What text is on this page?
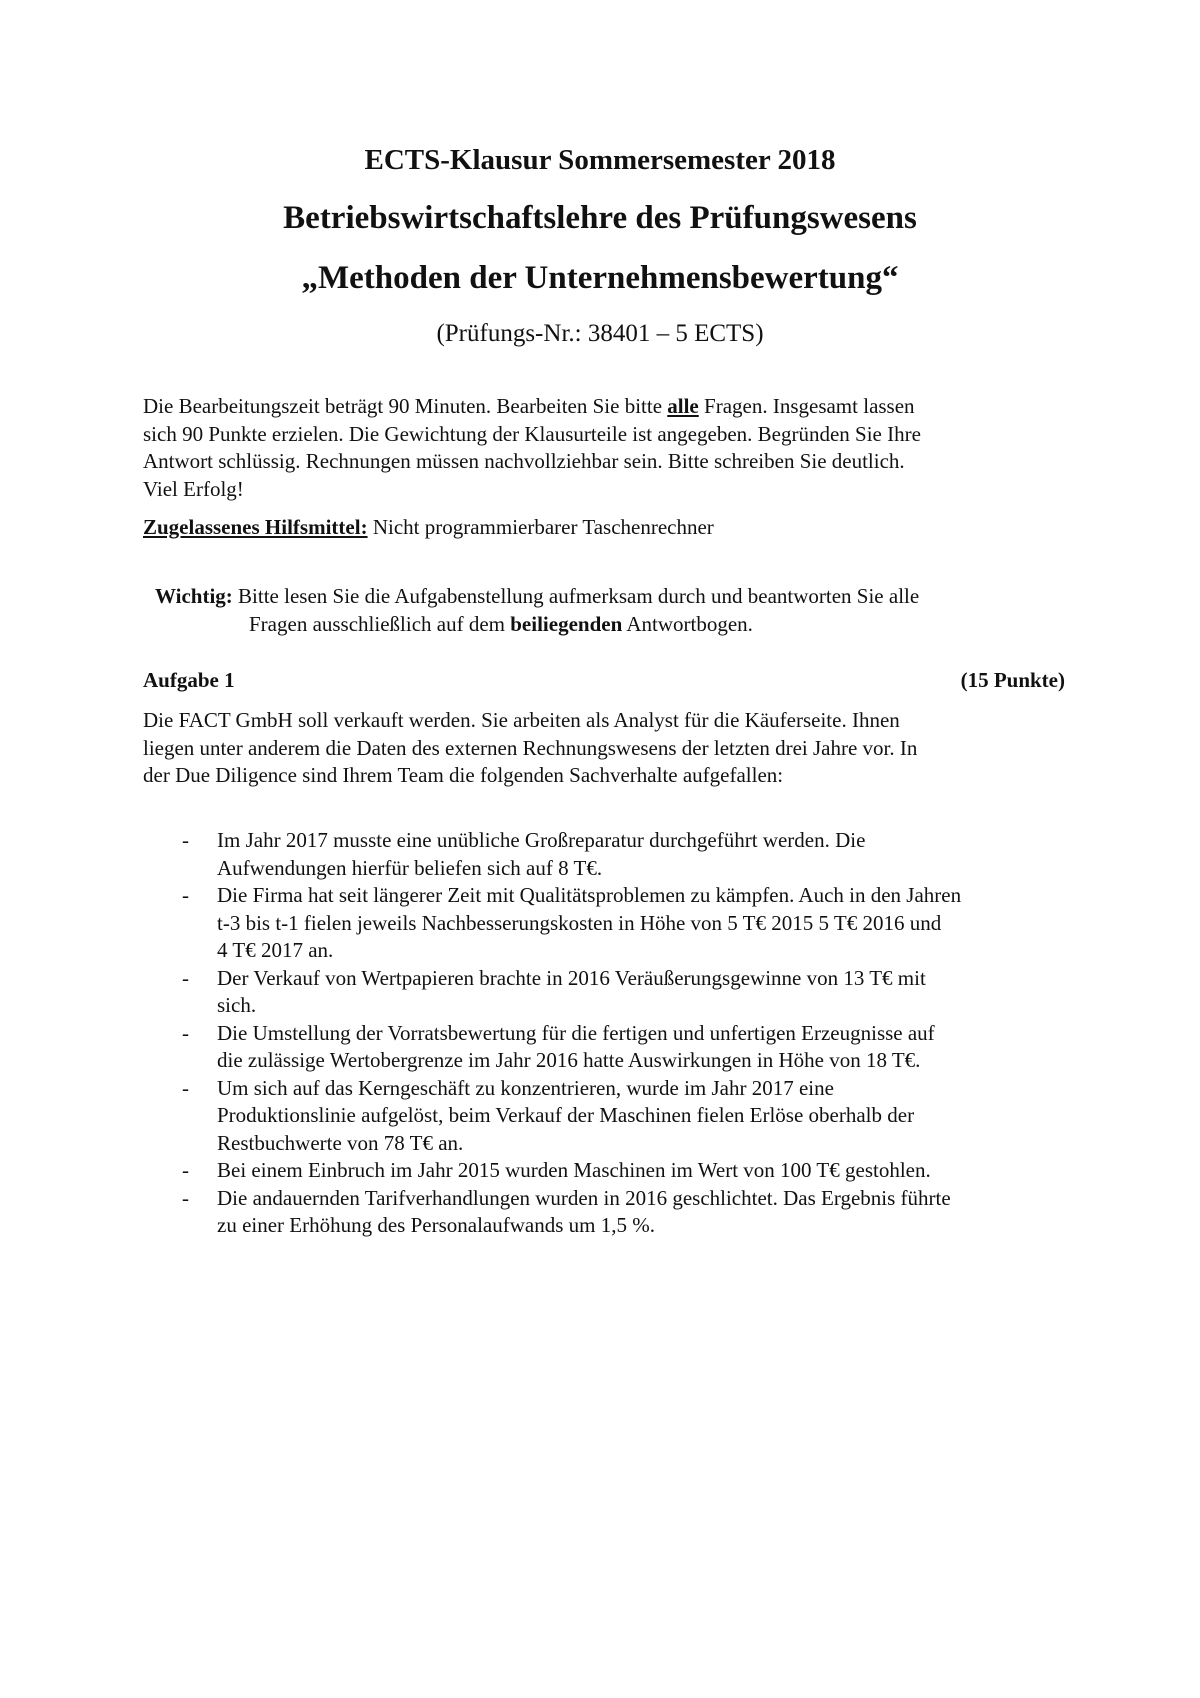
ECTS-Klausur Sommersemester 2018
Betriebswirtschaftslehre des Prüfungswesens
„Methoden der Unternehmensbewertung“
(Prüfungs-Nr.: 38401 – 5 ECTS)
Die Bearbeitungszeit beträgt 90 Minuten. Bearbeiten Sie bitte alle Fragen. Insgesamt lassen
sich 90 Punkte erzielen. Die Gewichtung der Klausurteile ist angegeben. Begründen Sie Ihre
Antwort schlüssig. Rechnungen müssen nachvollziehbar sein. Bitte schreiben Sie deutlich.
Viel Erfolg!
Zugelassenes Hilfsmittel: Nicht programmierbarer Taschenrechner
Wichtig: Bitte lesen Sie die Aufgabenstellung aufmerksam durch und beantworten Sie alle
Fragen ausschließlich auf dem beiliegenden Antwortbogen.
Aufgabe 1	(15 Punkte)
Die FACT GmbH soll verkauft werden. Sie arbeiten als Analyst für die Käuferseite. Ihnen
liegen unter anderem die Daten des externen Rechnungswesens der letzten drei Jahre vor. In
der Due Diligence sind Ihrem Team die folgenden Sachverhalte aufgefallen:
- Im Jahr 2017 musste eine unübliche Großreparatur durchgeführt werden. Die
Aufwendungen hierfür beliefen sich auf 8 T€.
- Die Firma hat seit längerer Zeit mit Qualitätsproblemen zu kämpfen. Auch in den Jahren
t-3 bis t-1 fielen jeweils Nachbesserungskosten in Höhe von 5 T€ 2015 5 T€ 2016 und
4 T€ 2017 an.
- Der Verkauf von Wertpapieren brachte in 2016 Veräußerungsgewinne von 13 T€ mit
sich.
- Die Umstellung der Vorratsbewertung für die fertigen und unfertigen Erzeugnisse auf
die zulässige Wertobergrenze im Jahr 2016 hatte Auswirkungen in Höhe von 18 T€.
- Um sich auf das Kerngeschäft zu konzentrieren, wurde im Jahr 2017 eine
Produktionslinie aufgelöst, beim Verkauf der Maschinen fielen Erlöse oberhalb der
Restbuchwerte von 78 T€ an.
- Bei einem Einbruch im Jahr 2015 wurden Maschinen im Wert von 100 T€ gestohlen.
- Die andauernden Tarifverhandlungen wurden in 2016 geschlichtet. Das Ergebnis führte
zu einer Erhöhung des Personalaufwands um 1,5 %.
